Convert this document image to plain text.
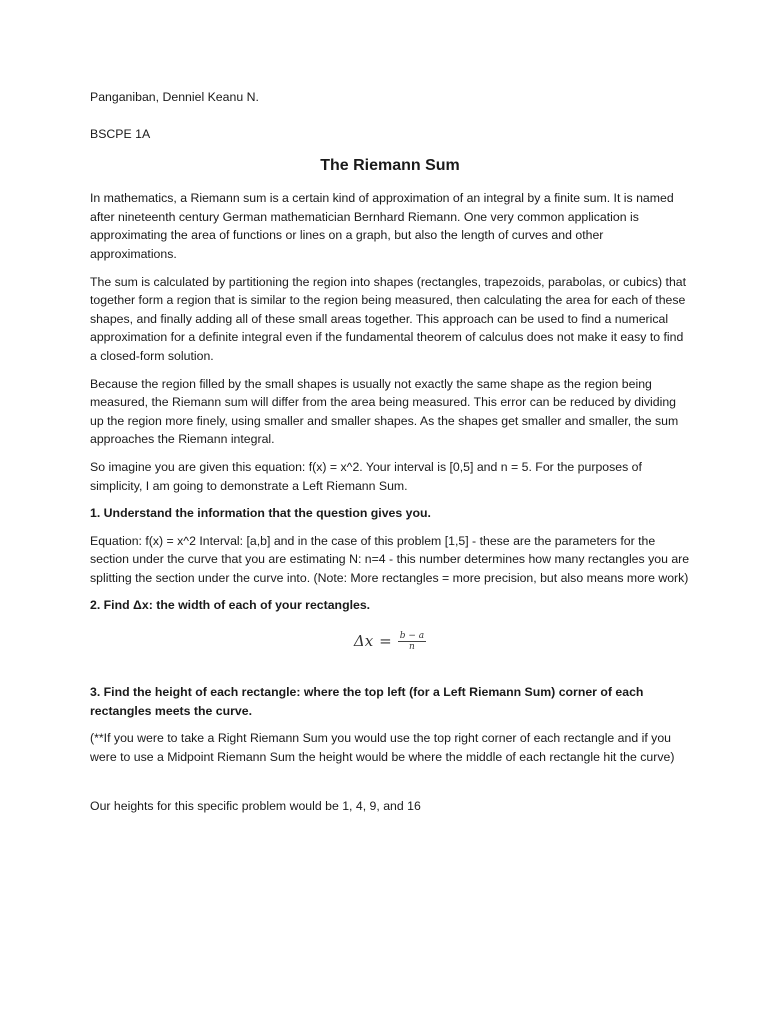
Panganiban, Denniel Keanu N.

BSCPE 1A

The Riemann Sum

In mathematics, a Riemann sum is a certain kind of approximation of an integral by a finite sum. It is named after nineteenth century German mathematician Bernhard Riemann. One very common application is approximating the area of functions or lines on a graph, but also the length of curves and other approximations.

The sum is calculated by partitioning the region into shapes (rectangles, trapezoids, parabolas, or cubics) that together form a region that is similar to the region being measured, then calculating the area for each of these shapes, and finally adding all of these small areas together. This approach can be used to find a numerical approximation for a definite integral even if the fundamental theorem of calculus does not make it easy to find a closed-form solution.

Because the region filled by the small shapes is usually not exactly the same shape as the region being measured, the Riemann sum will differ from the area being measured. This error can be reduced by dividing up the region more finely, using smaller and smaller shapes. As the shapes get smaller and smaller, the sum approaches the Riemann integral.

So imagine you are given this equation: f(x) = x^2. Your interval is [0,5] and n = 5. For the purposes of simplicity, I am going to demonstrate a Left Riemann Sum.

1. Understand the information that the question gives you.

Equation: f(x) = x^2 Interval: [a,b] and in the case of this problem [1,5] - these are the parameters for the section under the curve that you are estimating N: n=4 - this number determines how many rectangles you are splitting the section under the curve into. (Note: More rectangles = more precision, but also means more work)

2. Find Δx: the width of each of your rectangles.

$\Delta x = \frac{b - a}{n}$

3. Find the height of each rectangle: where the top left (for a Left Riemann Sum) corner of each rectangles meets the curve.

(**If you were to take a Right Riemann Sum you would use the top right corner of each rectangle and if you were to use a Midpoint Riemann Sum the height would be where the middle of each rectangle hit the curve)

Our heights for this specific problem would be 1, 4, 9, and 16
